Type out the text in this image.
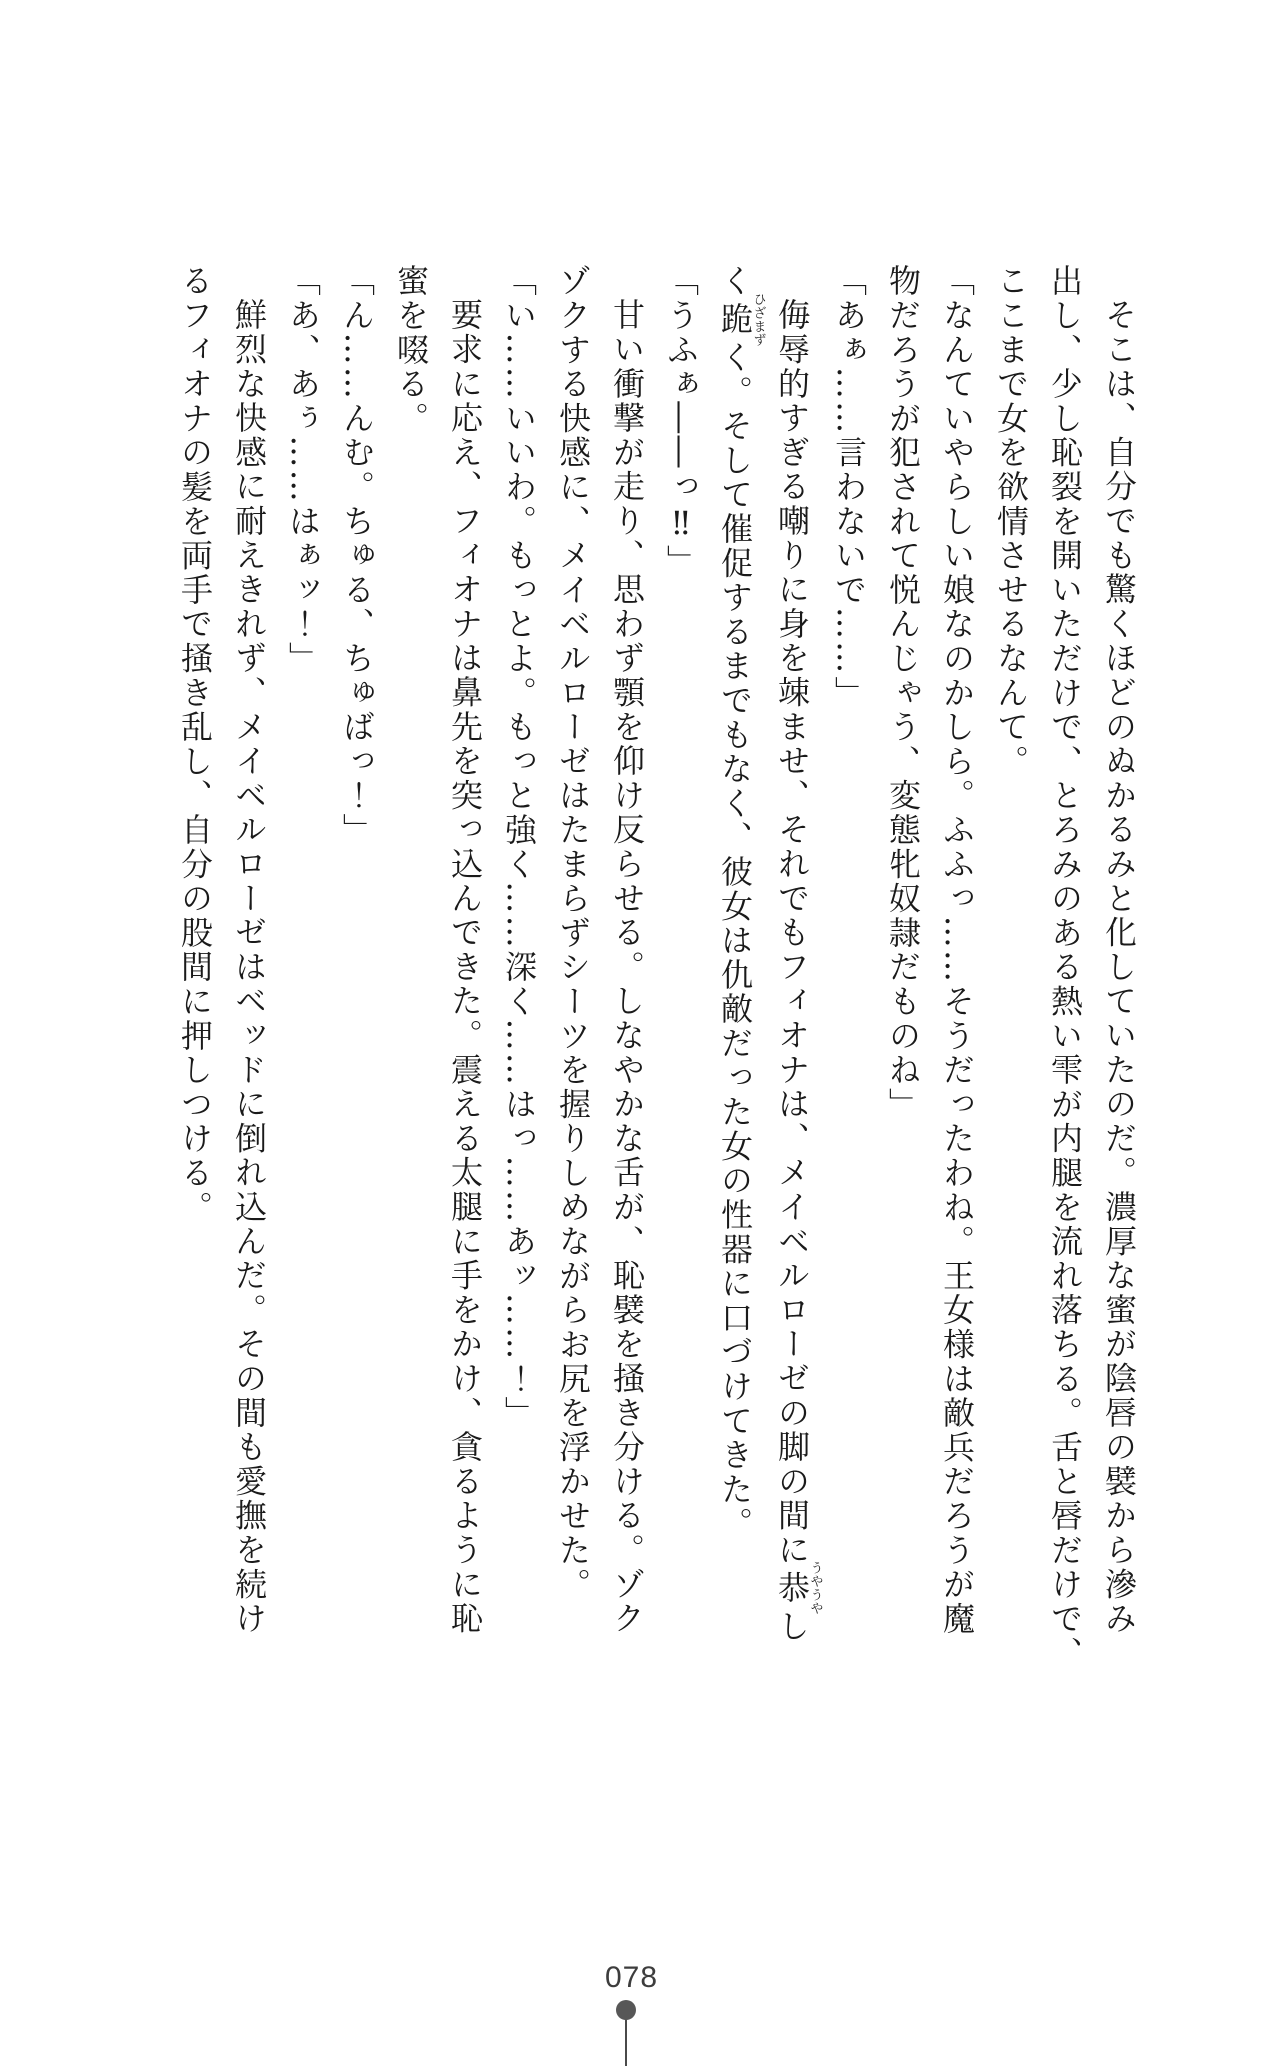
そこは、自分でも驚くほどのぬかるみと化していたのだ。濃厚な蜜が陰唇の襞から滲み

出し、少し恥裂を開いただけで、とろみのある熱い雫が内腿を流れ落ちる。舌と唇だけで、

ここまで女を欲情させるなんて。

「なんていやらしい娘なのかしら。ふふっ……そうだったわね。王女様は敵兵だろうが魔

物だろうが犯されて悦んじゃう、変態牝奴隷だものね」

「あぁ……言わないで……」

侮辱的すぎる嘲りに身を竦ませ、それでもフィオナは、メイベルローゼの脚の間に恭うやうやし

く跪ひざまずく。そして催促するまでもなく、彼女は仇敵だった女の性器に口づけてきた。

「うふぁ――っ‼」

甘い衝撃が走り、思わず顎を仰け反らせる。しなやかな舌が、恥襞を掻き分ける。ゾク

ゾクする快感に、メイベルローゼはたまらずシーツを握りしめながらお尻を浮かせた。

「い……いいわ。もっとよ。もっと強く……深く……はっ……あッ……！」

要求に応え、フィオナは鼻先を突っ込んできた。震える太腿に手をかけ、貪るように恥

蜜を啜る。

「ん……んむ。ちゅる、ちゅばっ！」

「あ、あぅ……はぁッ！」

鮮烈な快感に耐えきれず、メイベルローゼはベッドに倒れ込んだ。その間も愛撫を続け

るフィオナの髪を両手で掻き乱し、自分の股間に押しつける。

078
